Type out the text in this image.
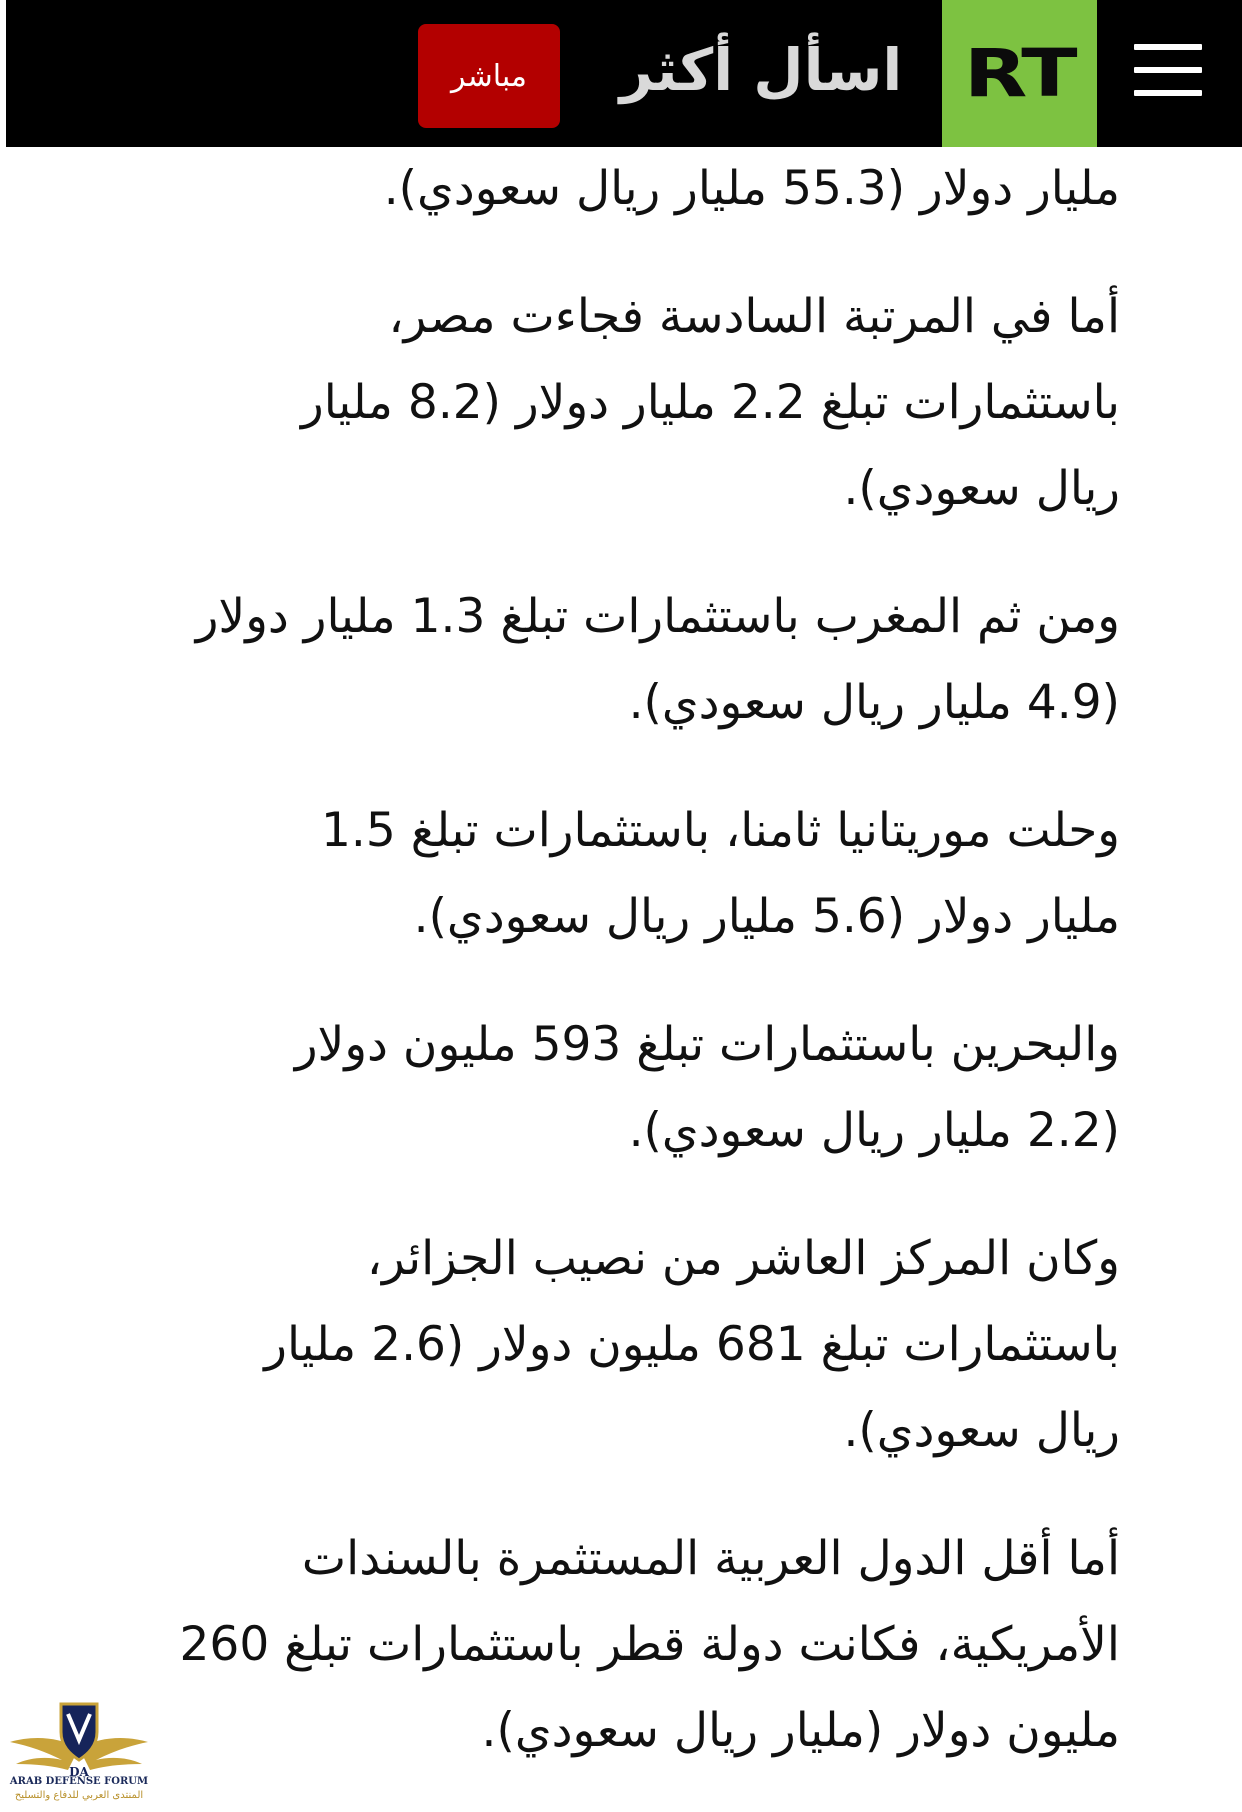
RT
اسأل أكثر
مباشر

مليار دولار (55.3 مليار ريال سعودي).

أما في المرتبة السادسة فجاءت مصر،
باستثمارات تبلغ 2.2 مليار دولار (8.2 مليار
ريال سعودي).

ومن ثم المغرب باستثمارات تبلغ 1.3 مليار دولار
(4.9 مليار ريال سعودي).

وحلت موريتانيا ثامنا، باستثمارات تبلغ 1.5
مليار دولار (5.6 مليار ريال سعودي).

والبحرين باستثمارات تبلغ 593 مليون دولار
(2.2 مليار ريال سعودي).

وكان المركز العاشر من نصيب الجزائر،
باستثمارات تبلغ 681 مليون دولار (2.6 مليار
ريال سعودي).

أما أقل الدول العربية المستثمرة بالسندات
الأمريكية، فكانت دولة قطر باستثمارات تبلغ 260
مليون دولار (مليار ريال سعودي).

DA
ARAB DEFENSE FORUM
المنتدى العربي للدفاع والتسليح
